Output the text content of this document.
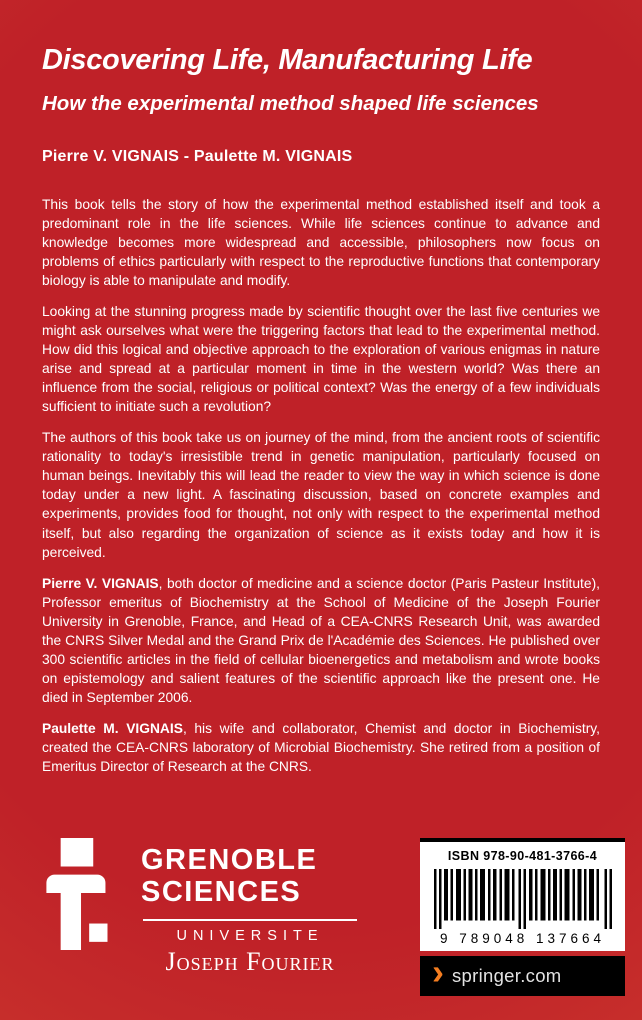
Discovering Life, Manufacturing Life
How the experimental method shaped life sciences
Pierre V. VIGNAIS - Paulette M. VIGNAIS

This book tells the story of how the experimental method established itself and took a predominant role in the life sciences. While life sciences continue to advance and knowledge becomes more widespread and accessible, philosophers now focus on problems of ethics particularly with respect to the reproductive functions that contemporary biology is able to manipulate and modify.

Looking at the stunning progress made by scientific thought over the last five centuries we might ask ourselves what were the triggering factors that lead to the experimental method. How did this logical and objective approach to the exploration of various enigmas in nature arise and spread at a particular moment in time in the western world? Was there an influence from the social, religious or political context? Was the energy of a few individuals sufficient to initiate such a revolution?

The authors of this book take us on journey of the mind, from the ancient roots of scientific rationality to today's irresistible trend in genetic manipulation, particularly focused on human beings. Inevitably this will lead the reader to view the way in which science is done today under a new light. A fascinating discussion, based on concrete examples and experiments, provides food for thought, not only with respect to the experimental method itself, but also regarding the organization of science as it exists today and how it is perceived.

Pierre V. VIGNAIS, both doctor of medicine and a science doctor (Paris Pasteur Institute), Professor emeritus of Biochemistry at the School of Medicine of the Joseph Fourier University in Grenoble, France, and Head of a CEA-CNRS Research Unit, was awarded the CNRS Silver Medal and the Grand Prix de l'Académie des Sciences. He published over 300 scientific articles in the field of cellular bioenergetics and metabolism and wrote books on epistemology and salient features of the scientific approach like the present one. He died in September 2006.

Paulette M. VIGNAIS, his wife and collaborator, Chemist and doctor in Biochemistry, created the CEA-CNRS laboratory of Microbial Biochemistry. She retired from a position of Emeritus Director of Research at the CNRS.

GRENOBLE
SCIENCES
UNIVERSITE
Joseph Fourier
ISBN 978-90-481-3766-4
9 789048 137664
› springer.com
